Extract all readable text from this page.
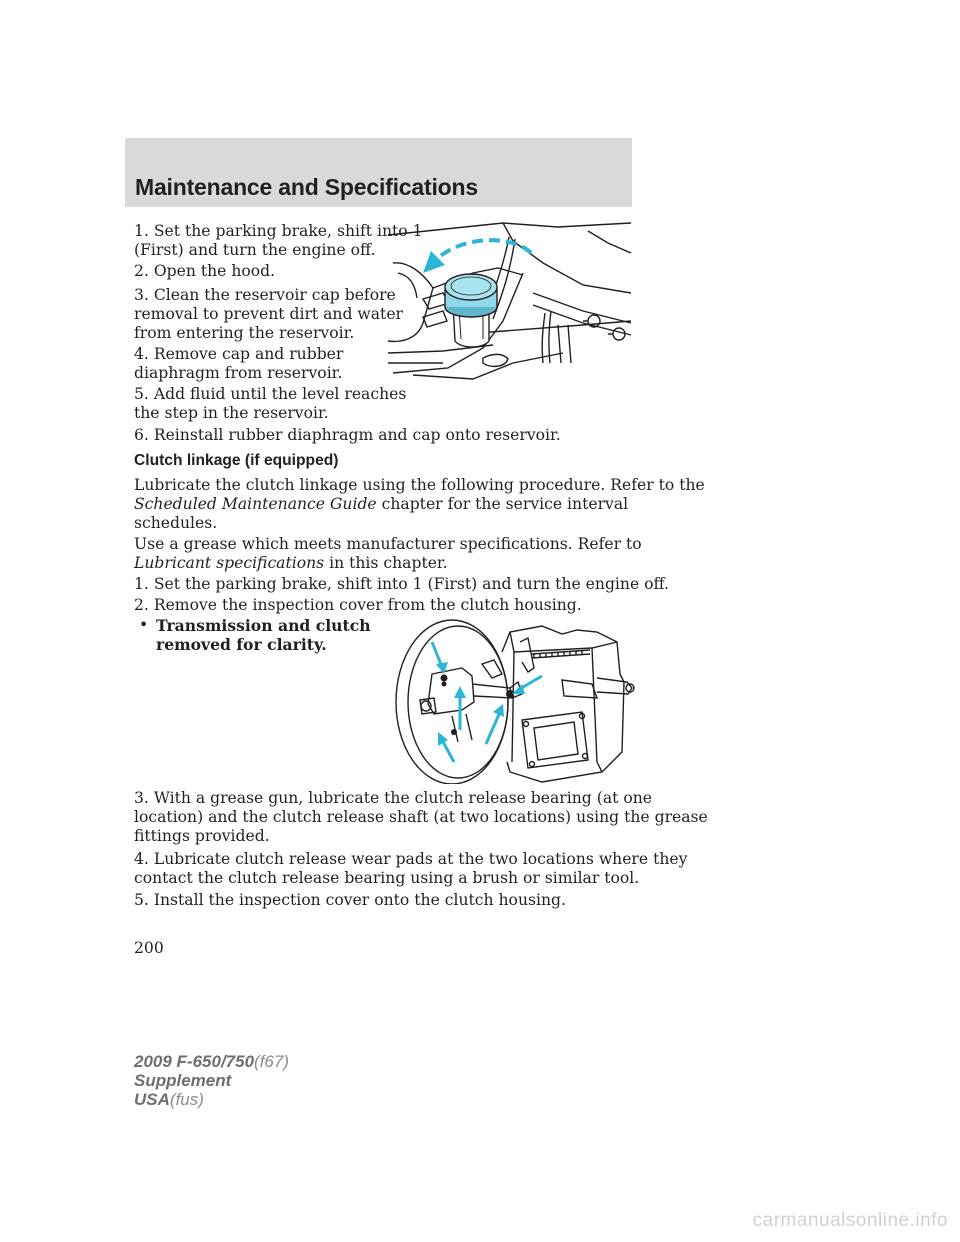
Maintenance and Specifications

1. Set the parking brake, shift into 1

(First) and turn the engine off.

2. Open the hood.

3. Clean the reservoir cap before

removal to prevent dirt and water

from entering the reservoir.

4. Remove cap and rubber

diaphragm from reservoir.

5. Add fluid until the level reaches

the step in the reservoir.

6. Reinstall rubber diaphragm and cap onto reservoir.

Clutch linkage (if equipped)

Lubricate the clutch linkage using the following procedure. Refer to the

Scheduled Maintenance Guide chapter for the service interval

schedules.

Use a grease which meets manufacturer specifications. Refer to

Lubricant specifications in this chapter.

1. Set the parking brake, shift into 1 (First) and turn the engine off.

2. Remove the inspection cover from the clutch housing.

• Transmission and clutch

removed for clarity.

3. With a grease gun, lubricate the clutch release bearing (at one

location) and the clutch release shaft (at two locations) using the grease

fittings provided.

4. Lubricate clutch release wear pads at the two locations where they

contact the clutch release bearing using a brush or similar tool.

5. Install the inspection cover onto the clutch housing.

200
2009 F-650/750(f67)
Supplement
USA(fus)
carmanualsonline.info
